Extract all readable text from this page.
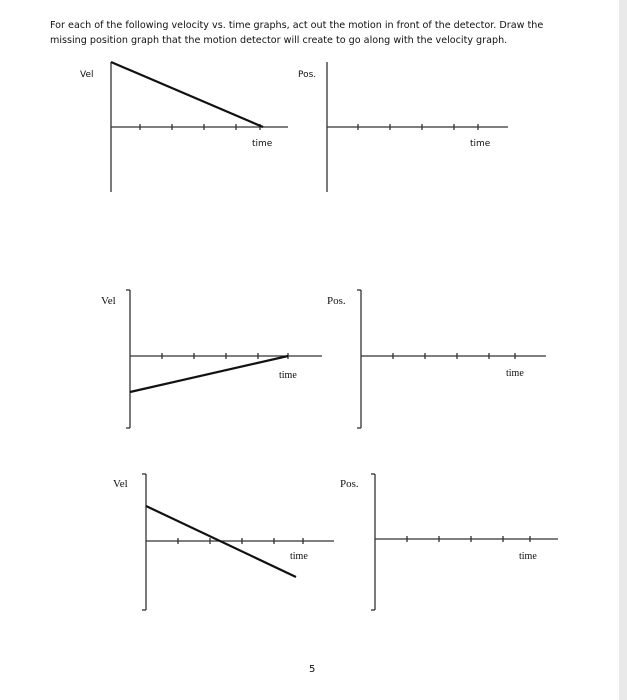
For each of the following velocity vs. time graphs, act out the motion in front of the detector. Draw the missing position graph that the motion detector will create to go along with the velocity graph.
Vel
time
Pos.
time
Vel
time
Pos.
time
Vel
time
Pos.
time
5
